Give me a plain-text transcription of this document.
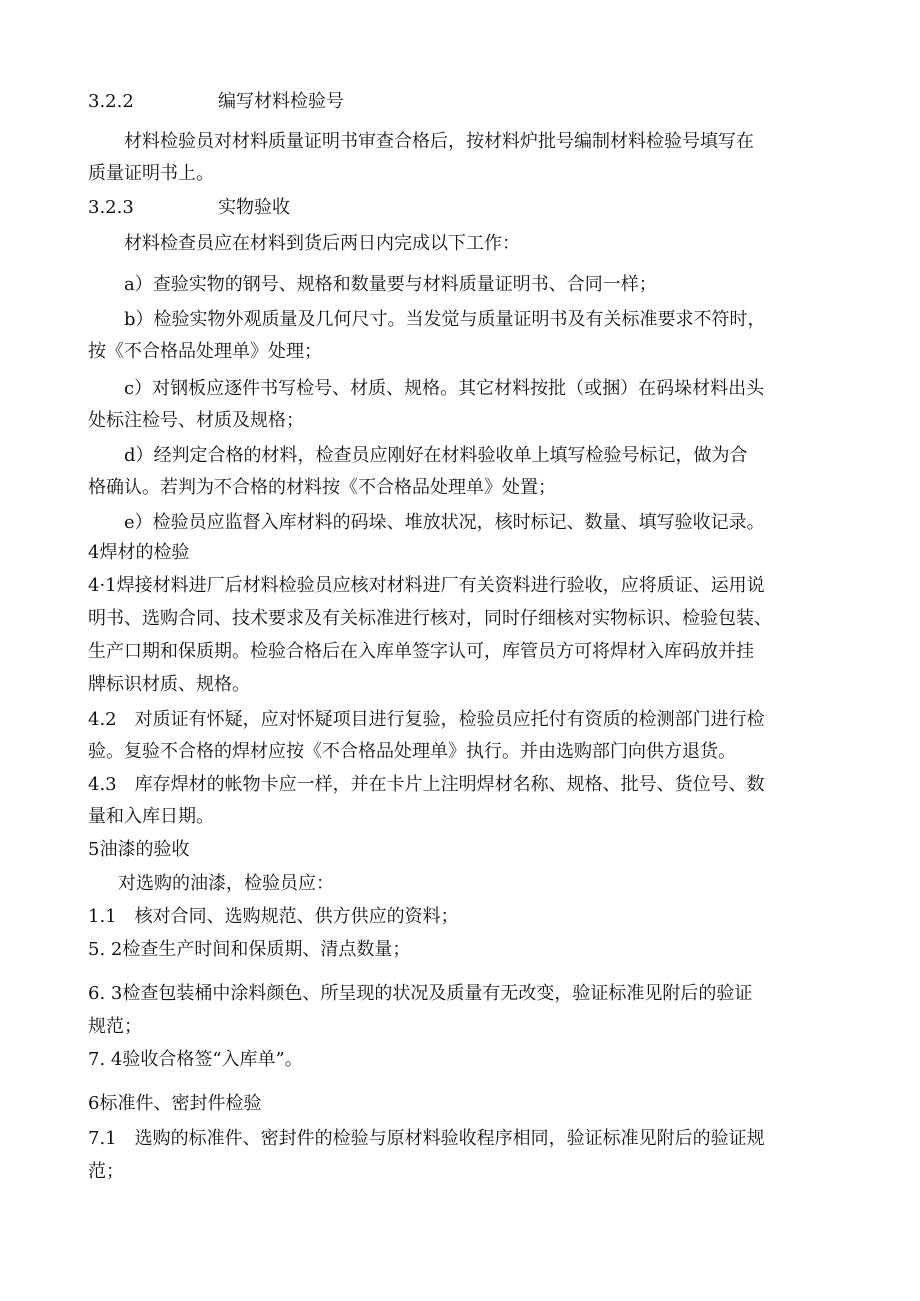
3.2.2	编写材料检验号
材料检验员对材料质量证明书审查合格后，按材料炉批号编制材料检验号填写在
质量证明书上。
3.2.3	实物验收
材料检查员应在材料到货后两日内完成以下工作：
a）查验实物的钢号、规格和数量要与材料质量证明书、合同一样；
b）检验实物外观质量及几何尺寸。当发觉与质量证明书及有关标准要求不符时，
按《不合格品处理单》处理；
c）对钢板应逐件书写检号、材质、规格。其它材料按批（或捆）在码垛材料出头
处标注检号、材质及规格；
d）经判定合格的材料，检查员应刚好在材料验收单上填写检验号标记，做为合
格确认。若判为不合格的材料按《不合格品处理单》处置；
e）检验员应监督入库材料的码垛、堆放状况，核时标记、数量、填写验收记录。
4焊材的检验
4·1焊接材料进厂后材料检验员应核对材料进厂有关资料进行验收，应将质证、运用说
明书、选购合同、技术要求及有关标准进行核对，同时仔细核对实物标识、检验包装、
生产口期和保质期。检验合格后在入库单签字认可，库管员方可将焊材入库码放并挂
牌标识材质、规格。
4.2　对质证有怀疑，应对怀疑项目进行复验，检验员应托付有资质的检测部门进行检
验。复验不合格的焊材应按《不合格品处理单》执行。并由选购部门向供方退货。
4.3　库存焊材的帐物卡应一样，并在卡片上注明焊材名称、规格、批号、货位号、数
量和入库日期。
5油漆的验收
对选购的油漆，检验员应：
1.1　核对合同、选购规范、供方供应的资料；
5. 2检查生产时间和保质期、清点数量；
6. 3检查包装桶中涂料颜色、所呈现的状况及质量有无改变，验证标准见附后的验证
规范；
7. 4验收合格签“入库单”。
6标准件、密封件检验
7.1　选购的标准件、密封件的检验与原材料验收程序相同，验证标准见附后的验证规
范；
